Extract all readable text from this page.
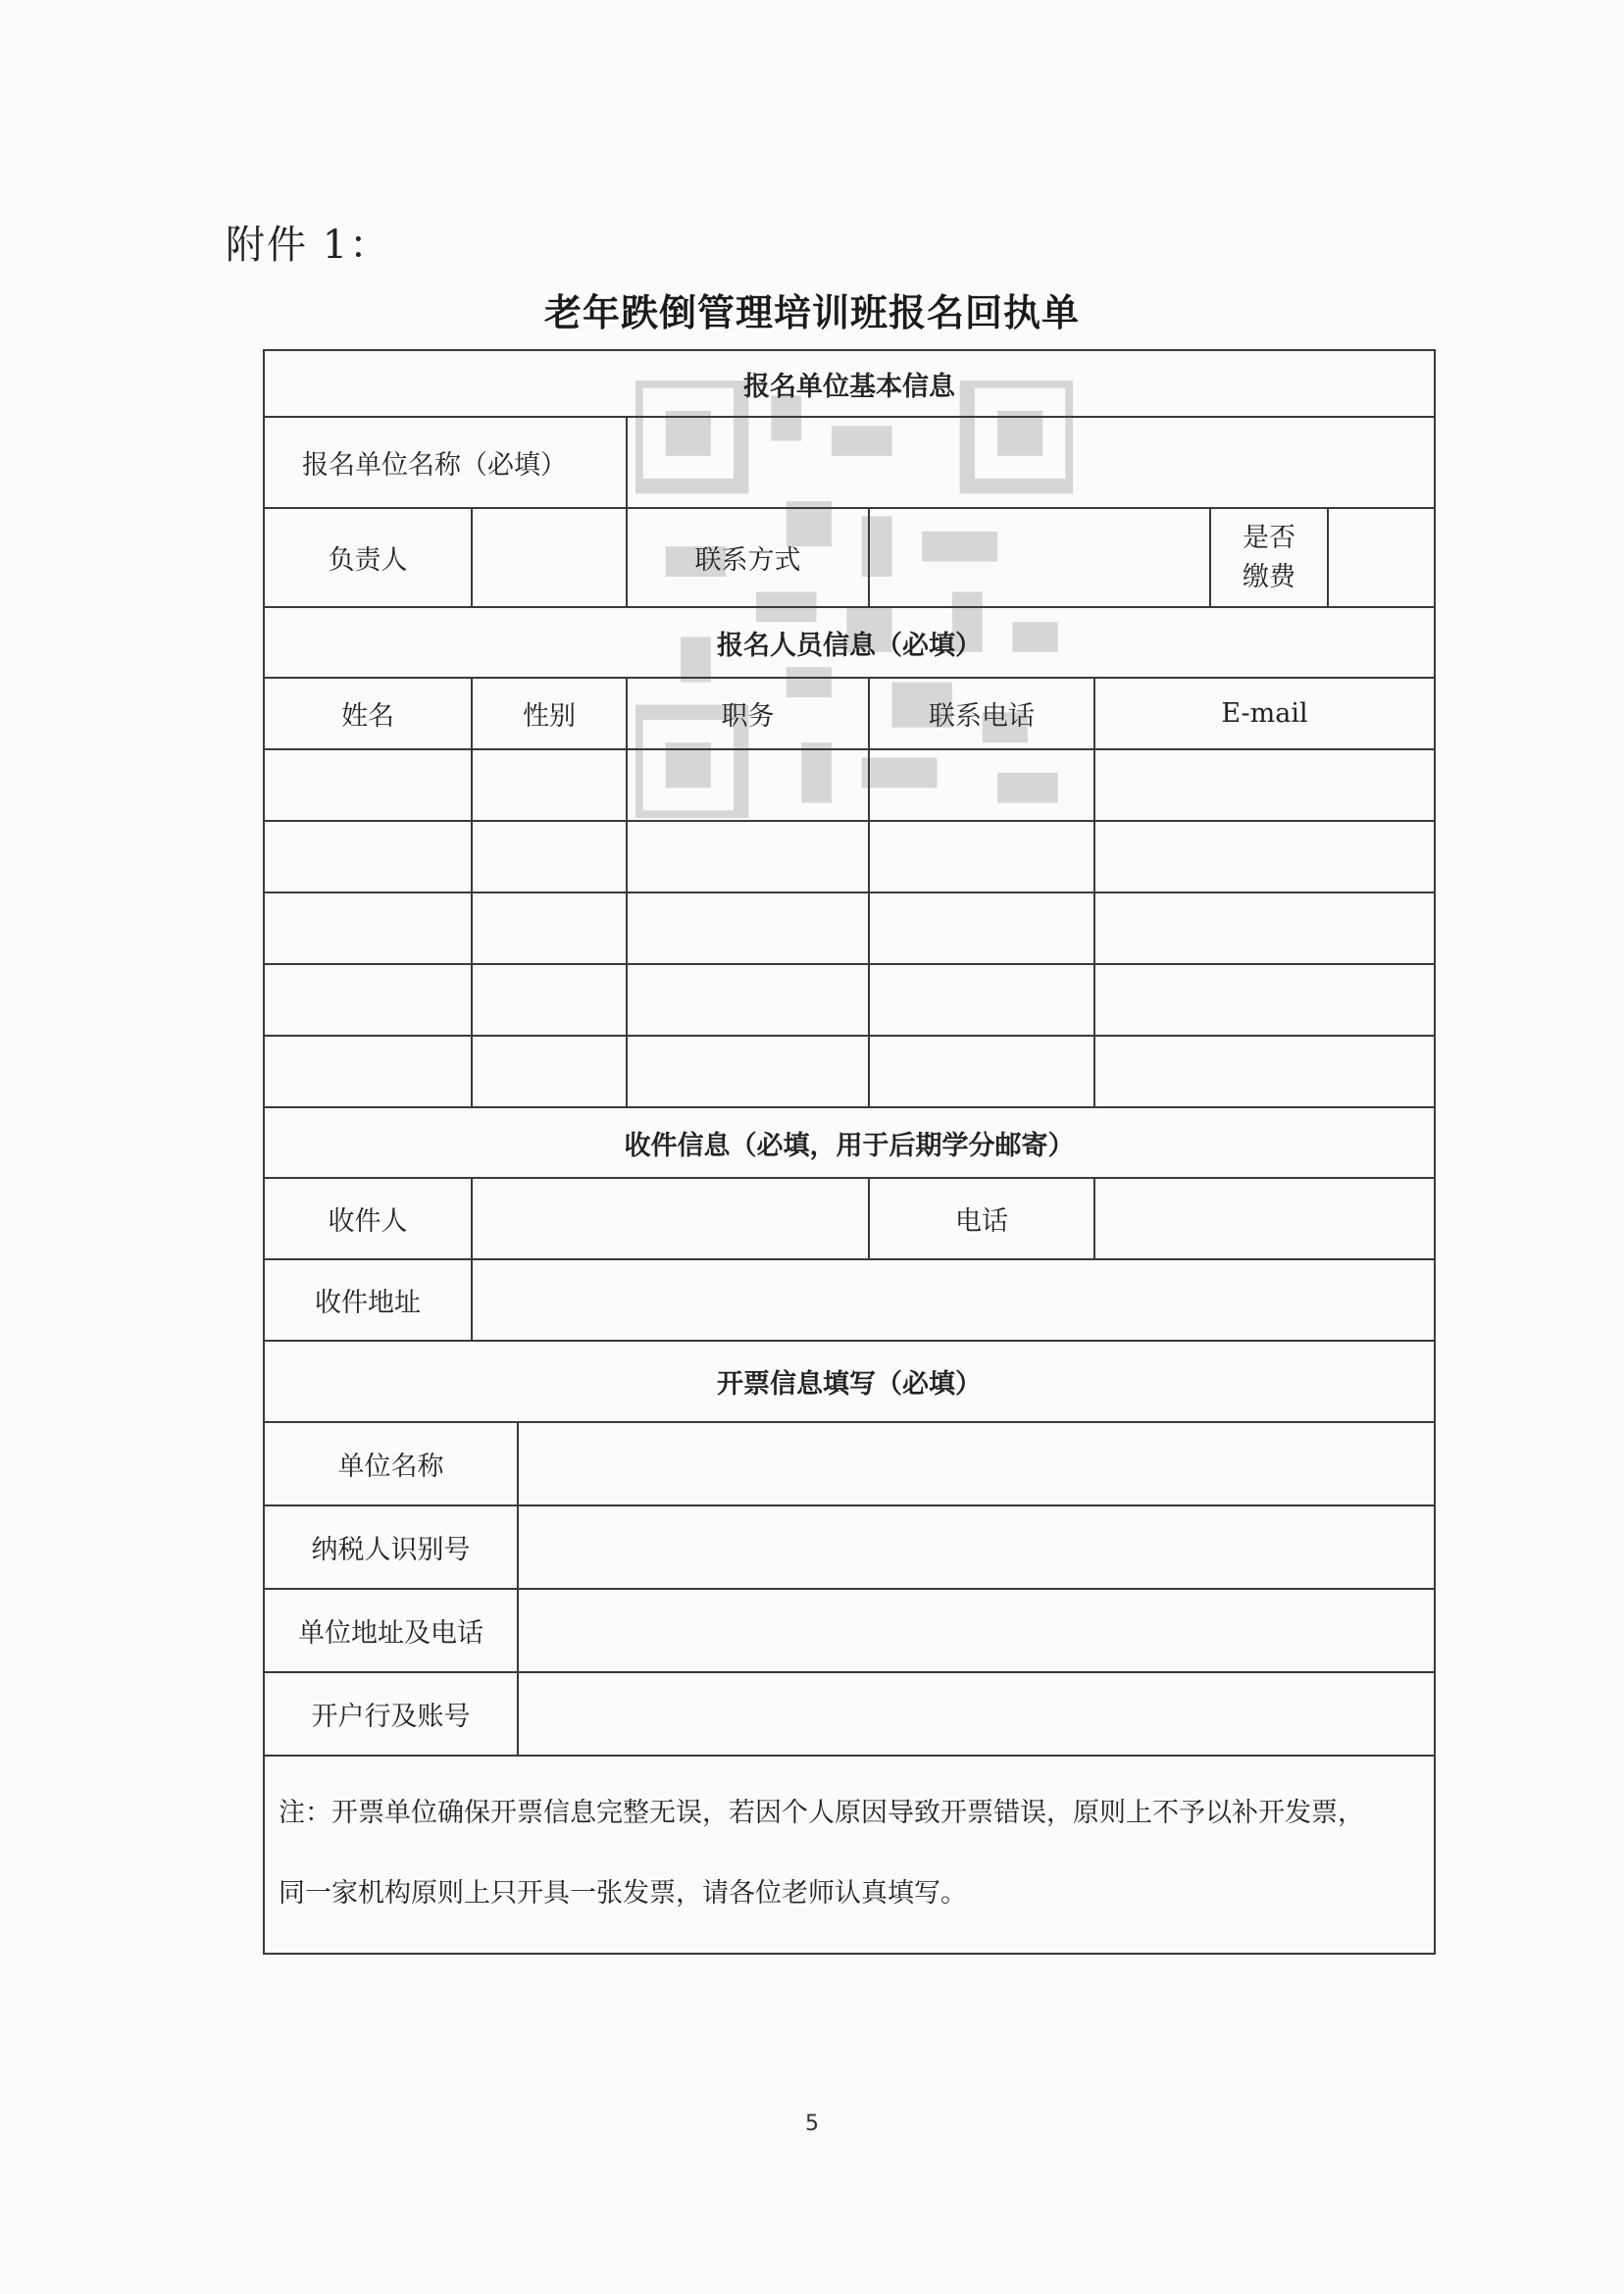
附件 1：
老年跌倒管理培训班报名回执单
报名单位基本信息					
报名单位名称（必填）					
负责人		联系方式			是否
缴费

报名人员信息（必填）					
姓名	性别	职务	联系电话	E-mail	

收件信息（必填，用于后期学分邮寄）					
收件人			电话		
收件地址					
开票信息填写（必填）					

单位名称					

纳税人识别号					

单位地址及电话					

开户行及账号					

注：开票单位确保开票信息完整无误，若因个人原因导致开票错误，原则上不予以补开发票，
同一家机构原则上只开具一张发票，请各位老师认真填写。					
5
